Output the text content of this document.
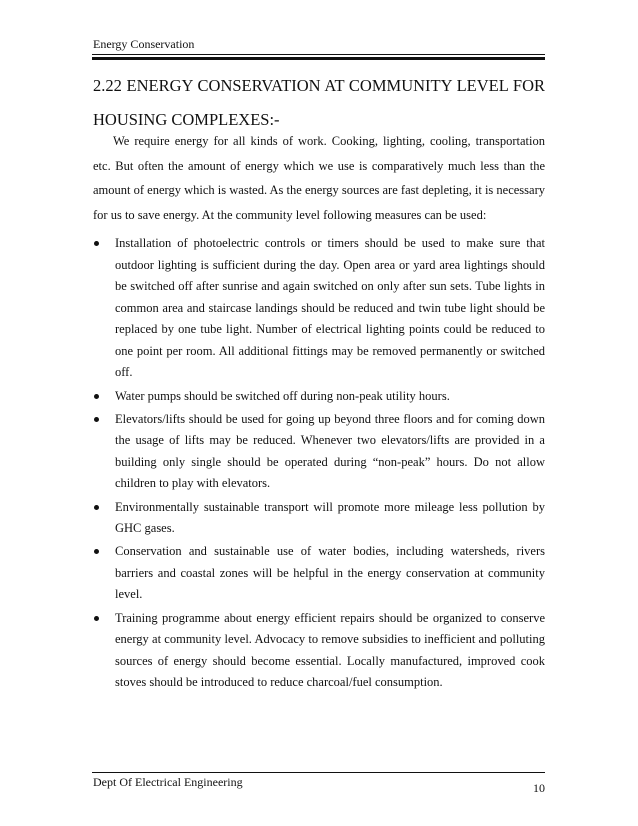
Energy Conservation
2.22 ENERGY CONSERVATION AT COMMUNITY LEVEL FOR HOUSING COMPLEXES:-

We require energy for all kinds of work. Cooking, lighting, cooling, transportation etc. But often the amount of energy which we use is comparatively much less than the amount of energy which is wasted. As the energy sources are fast depleting, it is necessary for us to save energy. At the community level following measures can be used:

Installation of photoelectric controls or timers should be used to make sure that outdoor lighting is sufficient during the day. Open area or yard area lightings should be switched off after sunrise and again switched on only after sun sets. Tube lights in common area and staircase landings should be reduced and twin tube light should be replaced by one tube light. Number of electrical lighting points could be reduced to one point per room. All additional fittings may be removed permanently or switched off.
Water pumps should be switched off during non-peak utility hours.
Elevators/lifts should be used for going up beyond three floors and for coming down the usage of lifts may be reduced. Whenever two elevators/lifts are provided in a building only single should be operated during “non-peak” hours. Do not allow children to play with elevators.
Environmentally sustainable transport will promote more mileage less pollution by GHC gases.
Conservation and sustainable use of water bodies, including watersheds, rivers barriers and coastal zones will be helpful in the energy conservation at community level.
Training programme about energy efficient repairs should be organized to conserve energy at community level. Advocacy to remove subsidies to inefficient and polluting sources of energy should become essential. Locally manufactured, improved cook stoves should be introduced to reduce charcoal/fuel consumption.
Dept Of Electrical Engineering	10
